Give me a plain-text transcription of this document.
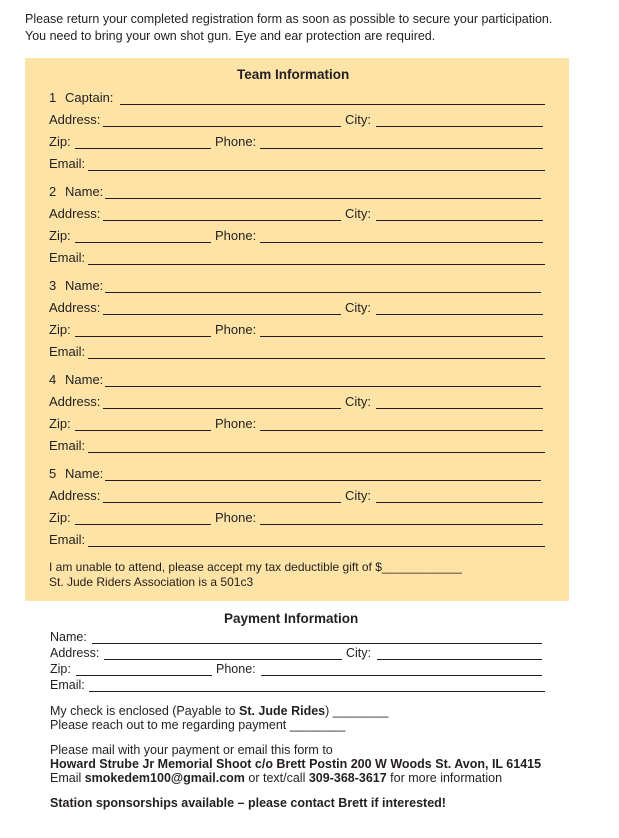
Please return your completed registration form as soon as possible to secure your participation.
You need to bring your own shot gun. Eye and ear protection are required.
Team Information
1 Captain:
Address:	City:
Zip:	Phone:
Email:
2 Name:
Address:	City:
Zip:	Phone:
Email:
3 Name:
Address:	City:
Zip:	Phone:
Email:
4 Name:
Address:	City:
Zip:	Phone:
Email:
5 Name:
Address:	City:
Zip:	Phone:
Email:
I am unable to attend, please accept my tax deductible gift of $____________
St. Jude Riders Association is a 501c3
Payment Information
Name:
Address:	City:
Zip:	Phone:
Email:
My check is enclosed (Payable to St. Jude Rides) ________
Please reach out to me regarding payment ________
Please mail with your payment or email this form to
Howard Strube Jr Memorial Shoot c/o Brett Postin 200 W Woods St. Avon, IL 61415
Email smokedem100@gmail.com or text/call 309-368-3617 for more information
Station sponsorships available – please contact Brett if interested!
